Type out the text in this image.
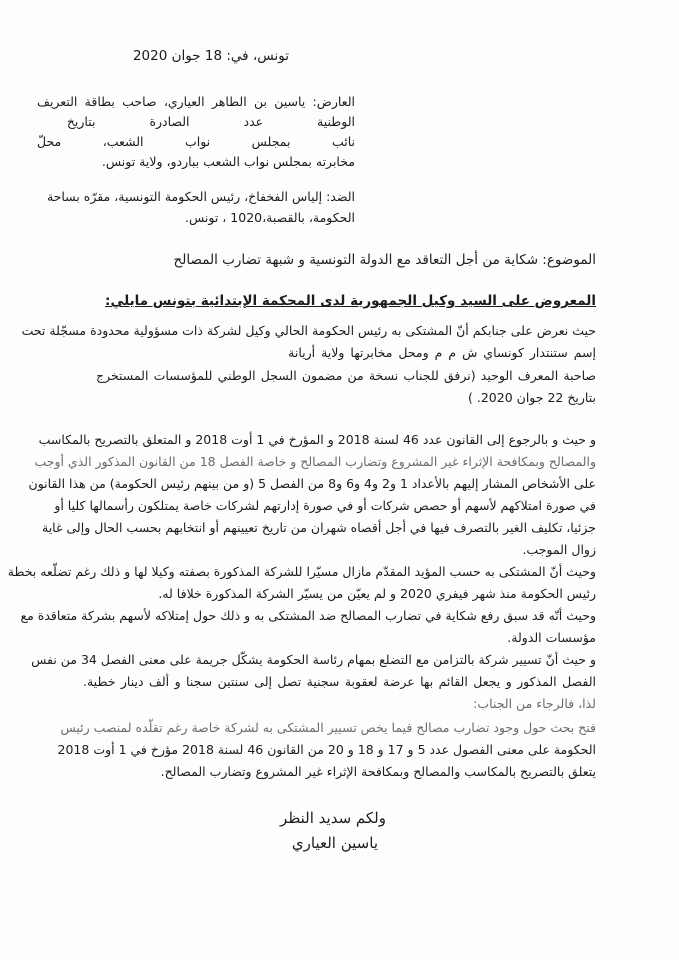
تونس، في: 18 جوان 2020
العارض: ياسين بن الطاهر العياري، صاحب بطاقة التعريف
الوطنية عدد الصادرة بتاريخ
نائب بمجلس نواب الشعب، محلّ
مخابرته بمجلس نواب الشعب بباردو، ولاية تونس.
الضد: إلياس الفخفاخ، رئيس الحكومة التونسية، مقرّه بساحة
الحكومة، بالقصبة،1020 ، تونس.
الموضوع: شكاية من أجل التعاقد مع الدولة التونسية و شبهة تضارب المصالح
المعروض على السيد وكيل الجمهورية لدى المحكمة الإبتدائية بتونس مايلي:
حيث نعرض على جنابكم أنّ المشتكى به رئيس الحكومة الحالي وكيل لشركة ذات مسؤولية محدودة مسجّلة تحت
إسم ستنتدار كونساي ش م م ومحل مخابرتها ولاية أريانة
صاحبة المعرف الوحيد (نرفق للجناب نسخة من مضمون السجل الوطني للمؤسسات المستخرج
بتاريخ 22 جوان 2020. )
و حيث و بالرجوع إلى القانون عدد 46 لسنة 2018 و المؤرخ في 1 أوت 2018 و المتعلق بالتصريح بالمكاسب
والمصالح وبمكافحة الإثراء غير المشروع وتضارب المصالح و خاصة الفصل 18 من القانون المذكور الذي أوجب
على الأشخاص المشار إليهم بالأعداد 1 و2 و4 و6 و8 من الفصل 5 (و من بينهم رئيس الحكومة) من هذا القانون
في صورة امتلاكهم لأسهم أو حصص شركات أو في صورة إدارتهم لشركات خاصة يمتلكون رأسمالها كليا أو
جزئيا، تكليف الغير بالتصرف فيها في أجل أقصاه شهران من تاريخ تعيينهم أو انتخابهم بحسب الحال وإلى غاية
زوال الموجب.
وحيث أنّ المشتكى به حسب المؤيد المقدّم مازال مسيّرا للشركة المذكورة بصفته وكيلا لها و ذلك رغم تضلّعه بخطة
رئيس الحكومة منذ شهر فيفري 2020 و لم يعيّن من يسيّر الشركة المذكورة خلافا له.
وحيث أنّه قد سبق رفع شكاية في تضارب المصالح ضد المشتكى به و ذلك حول إمتلاكه لأسهم بشركة متعاقدة مع
مؤسسات الدولة.
و حيث أنّ تسيير شركة بالتزامن مع التضلع بمهام رئاسة الحكومة يشكّل جريمة على معنى الفصل 34 من نفس
الفصل المذكور و يجعل القائم بها عرضة لعقوبة سجنية تصل إلى سنتين سجنا و ألف دينار خطية.
لذا، فالرجاء من الجناب:
فتح بحث حول وجود تضارب مصالح فيما يخص تسيير المشتكى به لشركة خاصة رغم تقلّده لمنصب رئيس
الحكومة على معنى الفصول عدد 5 و 17 و 18 و 20 من القانون 46 لسنة 2018 مؤرخ في 1 أوت 2018
يتعلق بالتصريح بالمكاسب والمصالح وبمكافحة الإثراء غير المشروع وتضارب المصالح.
ولكم سديد النظر
ياسين العياري
